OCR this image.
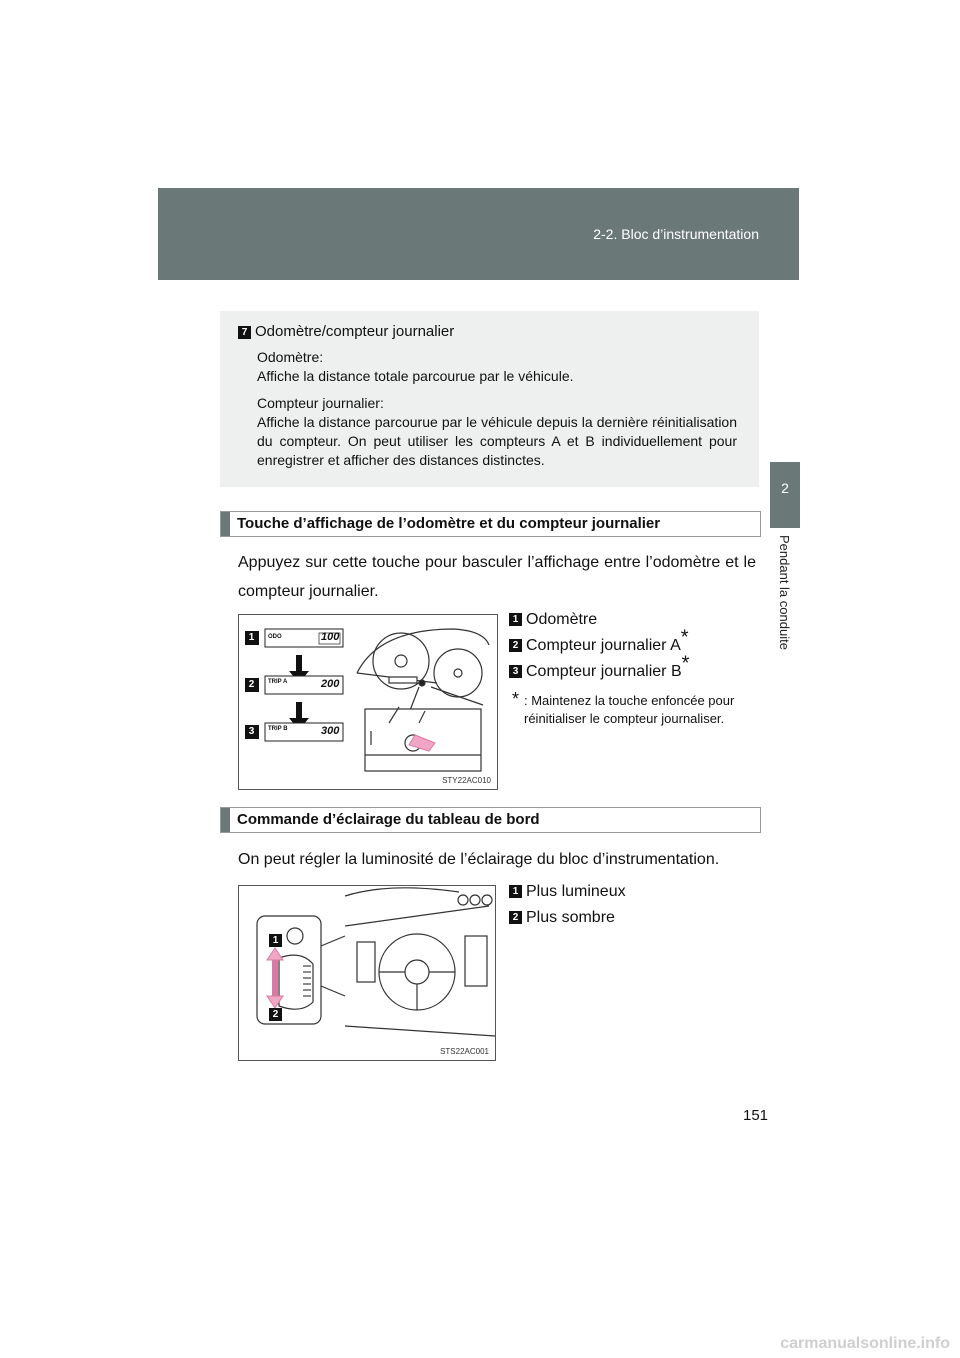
2-2. Bloc d’instrumentation
2
Pendant la conduite
7 Odomètre/compteur journalier
Odomètre:
Affiche la distance totale parcourue par le véhicule.
Compteur journalier:
Affiche la distance parcourue par le véhicule depuis la dernière réinitialisation du compteur. On peut utiliser les compteurs A et B individuellement pour enregistrer et afficher des distances distinctes.
Touche d’affichage de l’odomètre et du compteur journalier
Appuyez sur cette touche pour basculer l’affichage entre l’odomètre et le compteur journalier.
1
2
3
ODO	100
TRIP A	200
TRIP B	300
STY22AC010
1 Odomètre
2 Compteur journalier A*
3 Compteur journalier B*
* : Maintenez la touche enfoncée pour réinitialiser le compteur journaliser.
Commande d’éclairage du tableau de bord
On peut régler la luminosité de l’éclairage du bloc d’instrumentation.
1
2
STS22AC001
1 Plus lumineux
2 Plus sombre
151
carmanualsonline.info
